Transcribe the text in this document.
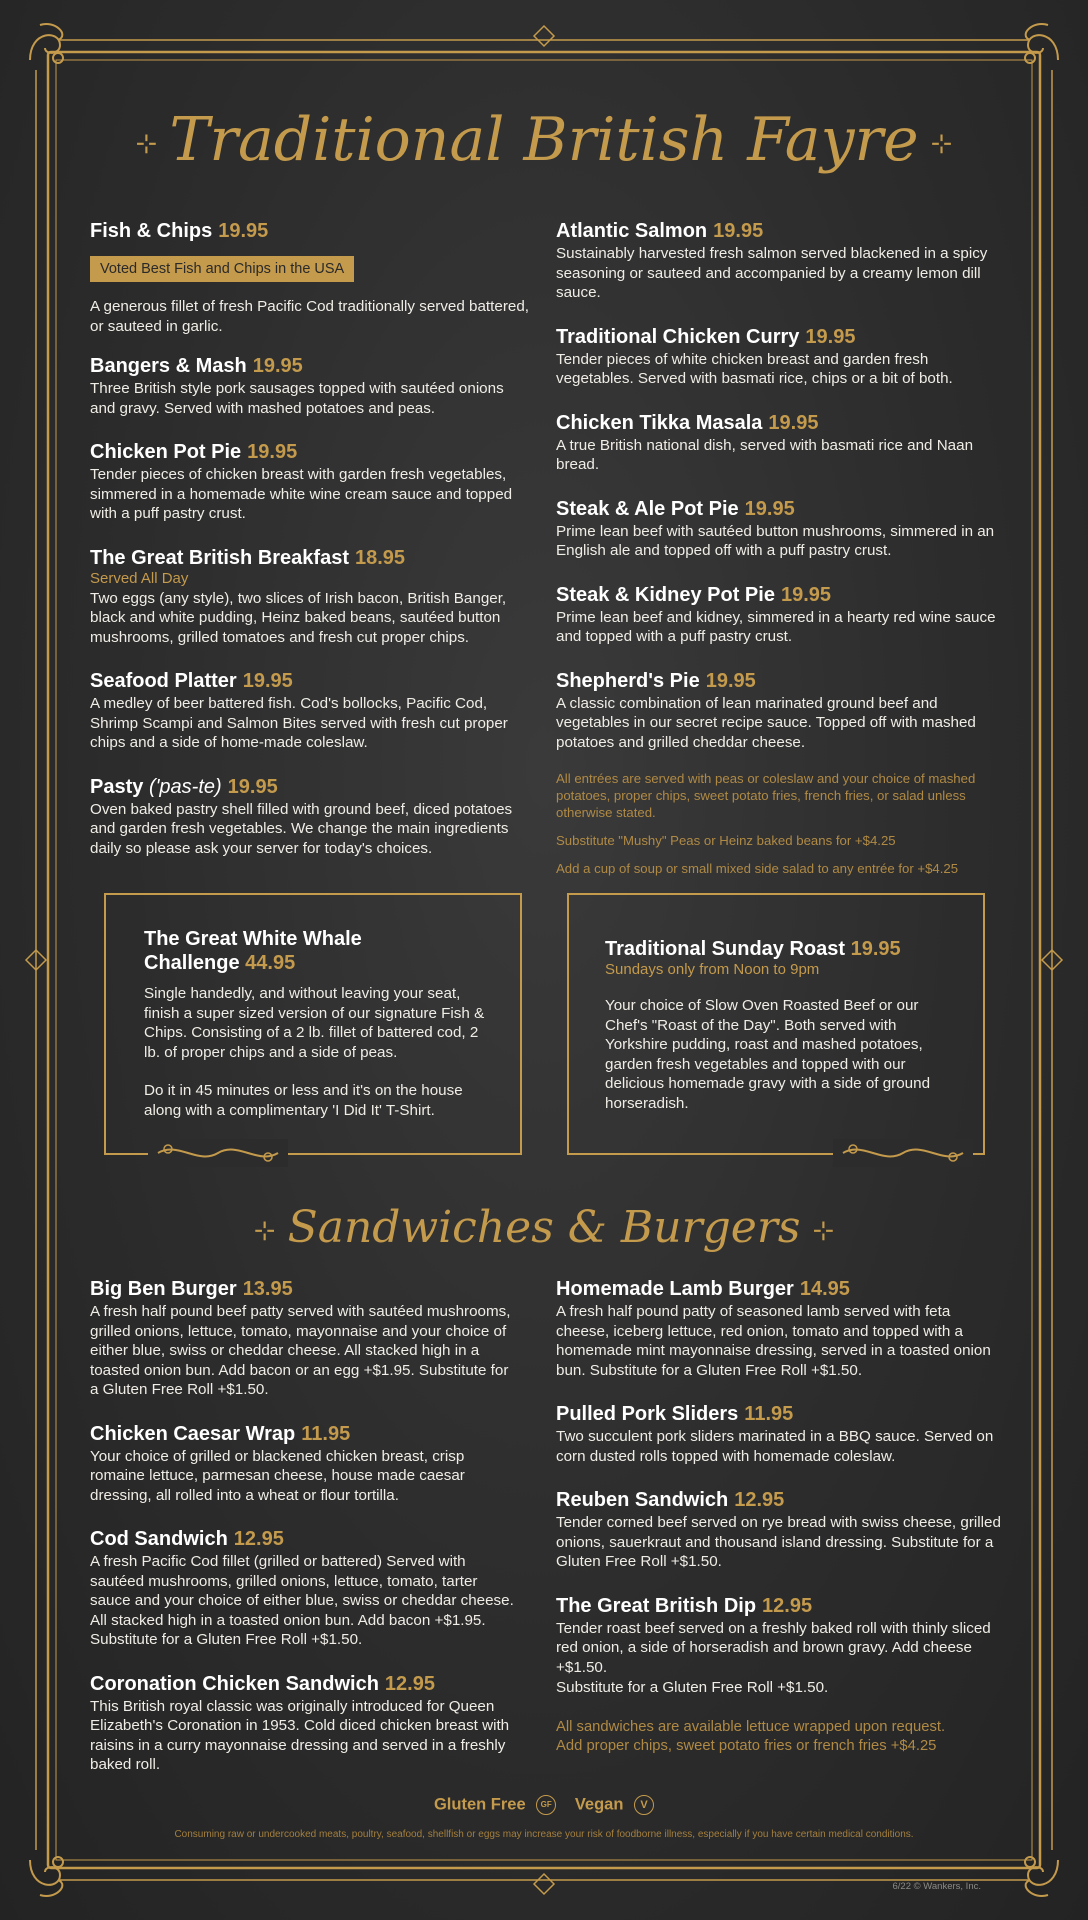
⊹ Traditional British Fayre ⊹
Fish & Chips 19.95
Voted Best Fish and Chips in the USA
A generous fillet of fresh Pacific Cod traditionally served battered, or sauteed in garlic.
Bangers & Mash 19.95
Three British style pork sausages topped with sautéed onions and gravy. Served with mashed potatoes and peas.
Chicken Pot Pie 19.95
Tender pieces of chicken breast with garden fresh vegetables, simmered in a homemade white wine cream sauce and topped with a puff pastry crust.
The Great British Breakfast 18.95
Served All Day
Two eggs (any style), two slices of Irish bacon, British Banger, black and white pudding, Heinz baked beans, sautéed button mushrooms, grilled tomatoes and fresh cut proper chips.
Seafood Platter 19.95
A medley of beer battered fish. Cod's bollocks, Pacific Cod, Shrimp Scampi and Salmon Bites served with fresh cut proper chips and a side of home-made coleslaw.
Pasty ('pas-te) 19.95
Oven baked pastry shell filled with ground beef, diced potatoes and garden fresh vegetables. We change the main ingredients daily so please ask your server for today's choices.
Atlantic Salmon 19.95
Sustainably harvested fresh salmon served blackened in a spicy seasoning or sauteed and accompanied by a creamy lemon dill sauce.
Traditional Chicken Curry 19.95
Tender pieces of white chicken breast and garden fresh vegetables. Served with basmati rice, chips or a bit of both.
Chicken Tikka Masala 19.95
A true British national dish, served with basmati rice and Naan bread.
Steak & Ale Pot Pie 19.95
Prime lean beef with sautéed button mushrooms, simmered in an English ale and topped off with a puff pastry crust.
Steak & Kidney Pot Pie 19.95
Prime lean beef and kidney, simmered in a hearty red wine sauce and topped with a puff pastry crust.
Shepherd's Pie 19.95
A classic combination of lean marinated ground beef and vegetables in our secret recipe sauce. Topped off with mashed potatoes and grilled cheddar cheese.
All entrées are served with peas or coleslaw and your choice of mashed potatoes, proper chips, sweet potato fries, french fries, or salad unless otherwise stated.
Substitute "Mushy" Peas or Heinz baked beans for +$4.25
Add a cup of soup or small mixed side salad to any entrée for +$4.25
The Great White Whale
Challenge 44.95
Single handedly, and without leaving your seat, finish a super sized version of our signature Fish & Chips. Consisting of a 2 lb. fillet of battered cod, 2 lb. of proper chips and a side of peas.
Do it in 45 minutes or less and it's on the house along with a complimentary 'I Did It' T-Shirt.
Traditional Sunday Roast 19.95
Sundays only from Noon to 9pm
Your choice of Slow Oven Roasted Beef or our Chef's "Roast of the Day". Both served with Yorkshire pudding, roast and mashed potatoes, garden fresh vegetables and topped with our delicious homemade gravy with a side of ground horseradish.
⊹ Sandwiches & Burgers ⊹
Big Ben Burger 13.95
A fresh half pound beef patty served with sautéed mushrooms, grilled onions, lettuce, tomato, mayonnaise and your choice of either blue, swiss or cheddar cheese. All stacked high in a toasted onion bun. Add bacon or an egg +$1.95. Substitute for a Gluten Free Roll +$1.50.
Chicken Caesar Wrap 11.95
Your choice of grilled or blackened chicken breast, crisp romaine lettuce, parmesan cheese, house made caesar dressing, all rolled into a wheat or flour tortilla.
Cod Sandwich 12.95
A fresh Pacific Cod fillet (grilled or battered) Served with sautéed mushrooms, grilled onions, lettuce, tomato, tarter sauce and your choice of either blue, swiss or cheddar cheese. All stacked high in a toasted onion bun. Add bacon +$1.95. Substitute for a Gluten Free Roll +$1.50.
Coronation Chicken Sandwich 12.95
This British royal classic was originally introduced for Queen Elizabeth's Coronation in 1953. Cold diced chicken breast with raisins in a curry mayonnaise dressing and served in a freshly baked roll.
Homemade Lamb Burger 14.95
A fresh half pound patty of seasoned lamb served with feta cheese, iceberg lettuce, red onion, tomato and topped with a homemade mint mayonnaise dressing, served in a toasted onion bun. Substitute for a Gluten Free Roll +$1.50.
Pulled Pork Sliders 11.95
Two succulent pork sliders marinated in a BBQ sauce. Served on corn dusted rolls topped with homemade coleslaw.
Reuben Sandwich 12.95
Tender corned beef served on rye bread with swiss cheese, grilled onions, sauerkraut and thousand island dressing. Substitute for a Gluten Free Roll +$1.50.
The Great British Dip 12.95
Tender roast beef served on a freshly baked roll with thinly sliced red onion, a side of horseradish and brown gravy. Add cheese +$1.50.
Substitute for a Gluten Free Roll +$1.50.
All sandwiches are available lettuce wrapped upon request.
Add proper chips, sweet potato fries or french fries +$4.25
Gluten Free GF Vegan V
Consuming raw or undercooked meats, poultry, seafood, shellfish or eggs may increase your risk of foodborne illness, especially if you have certain medical conditions.
6/22 © Wankers, Inc.
